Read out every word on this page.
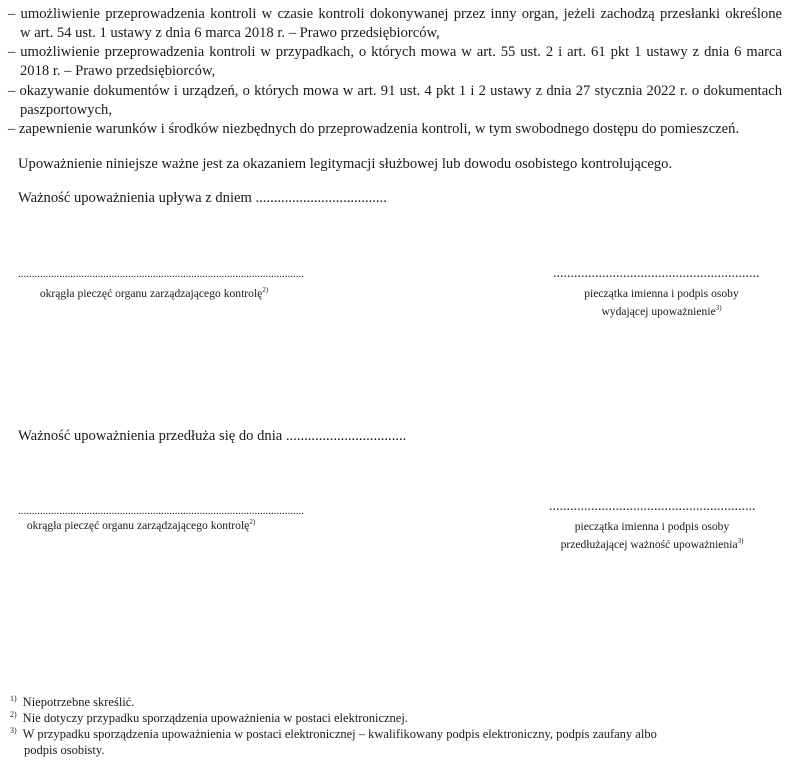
– umożliwienie przeprowadzenia kontroli w czasie kontroli dokonywanej przez inny organ, jeżeli zachodzą przesłanki określone
w art. 54 ust. 1 ustawy z dnia 6 marca 2018 r. – Prawo przedsiębiorców,
– umożliwienie przeprowadzenia kontroli w przypadkach, o których mowa w art. 55 ust. 2 i art. 61 pkt 1 ustawy z dnia 6 marca
2018 r. – Prawo przedsiębiorców,
– okazywanie dokumentów i urządzeń, o których mowa w art. 91 ust. 4 pkt 1 i 2 ustawy z dnia 27 stycznia 2022 r. o dokumentach
paszportowych,
– zapewnienie warunków i środków niezbędnych do przeprowadzenia kontroli, w tym swobodnego dostępu do pomieszczeń.
Upoważnienie niniejsze ważne jest za okazaniem legitymacji służbowej lub dowodu osobistego kontrolującego.
Ważność upoważnienia upływa z dniem ....................................
........................................................................................................
okrągła pieczęć organu zarządzającego kontrolę$^{2)}$
...........................................................
pieczątka imienna i podpis osoby
wydającej upoważnienie$^{3)}$
Ważność upoważnienia przedłuża się do dnia .................................
........................................................................................................
okrągła pieczęć organu zarządzającego kontrolę$^{2)}$
...........................................................
pieczątka imienna i podpis osoby
przedłużającej ważność upoważnienia$^{3)}$
$^{1)}$ Niepotrzebne skreślić.
$^{2)}$ Nie dotyczy przypadku sporządzenia upoważnienia w postaci elektronicznej.
$^{3)}$ W przypadku sporządzenia upoważnienia w postaci elektronicznej – kwalifikowany podpis elektroniczny, podpis zaufany albo
podpis osobisty.
